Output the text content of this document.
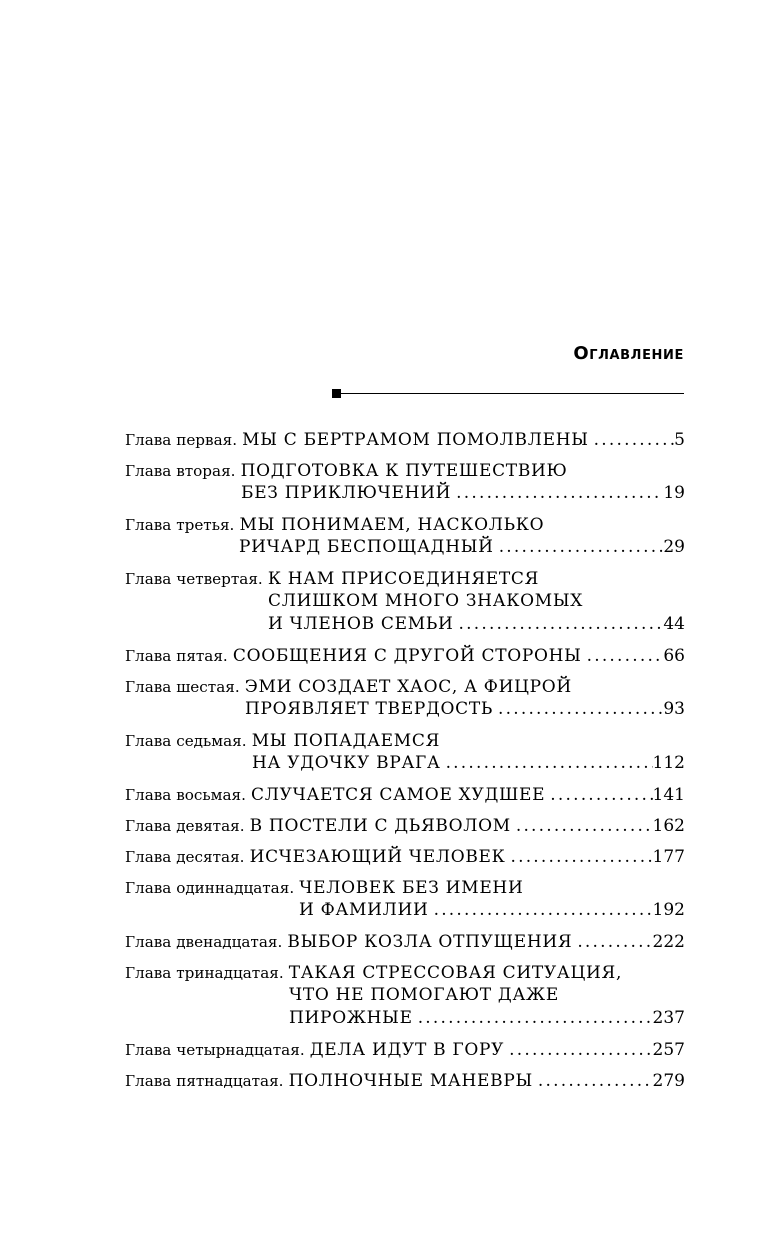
Оглавление
Глава первая.
МЫ С БЕРТРАМОМ ПОМОЛВЛЕНЫ .....	5
Глава вторая.
ПОДГОТОВКА К ПУТЕШЕСТВИЮ
БЕЗ ПРИКЛЮЧЕНИЙ .....	19
Глава третья.
МЫ ПОНИМАЕМ, НАСКОЛЬКО
РИЧАРД БЕСПОЩАДНЫЙ .....	29
Глава четвертая.
К НАМ ПРИСОЕДИНЯЕТСЯ
СЛИШКОМ МНОГО ЗНАКОМЫХ
И ЧЛЕНОВ СЕМЬИ .....	44
Глава пятая.
СООБЩЕНИЯ С ДРУГОЙ СТОРОНЫ .....	66
Глава шестая.
ЭМИ СОЗДАЕТ ХАОС, А ФИЦРОЙ
ПРОЯВЛЯЕТ ТВЕРДОСТЬ .....	93
Глава седьмая.
МЫ ПОПАДАЕМСЯ
НА УДОЧКУ ВРАГА .....	112
Глава восьмая.
СЛУЧАЕТСЯ САМОЕ ХУДШЕЕ .....	141
Глава девятая.
В ПОСТЕЛИ С ДЬЯВОЛОМ .....	162
Глава десятая.
ИСЧЕЗАЮЩИЙ ЧЕЛОВЕК .....	177
Глава одиннадцатая.
ЧЕЛОВЕК БЕЗ ИМЕНИ
И ФАМИЛИИ .....	192
Глава двенадцатая.
ВЫБОР КОЗЛА ОТПУЩЕНИЯ .....	222
Глава тринадцатая.
ТАКАЯ СТРЕССОВАЯ СИТУАЦИЯ,
ЧТО НЕ ПОМОГАЮТ ДАЖЕ
ПИРОЖНЫЕ .....	237
Глава четырнадцатая.
ДЕЛА ИДУТ В ГОРУ .....	257
Глава пятнадцатая.
ПОЛНОЧНЫЕ МАНЕВРЫ .....	279
